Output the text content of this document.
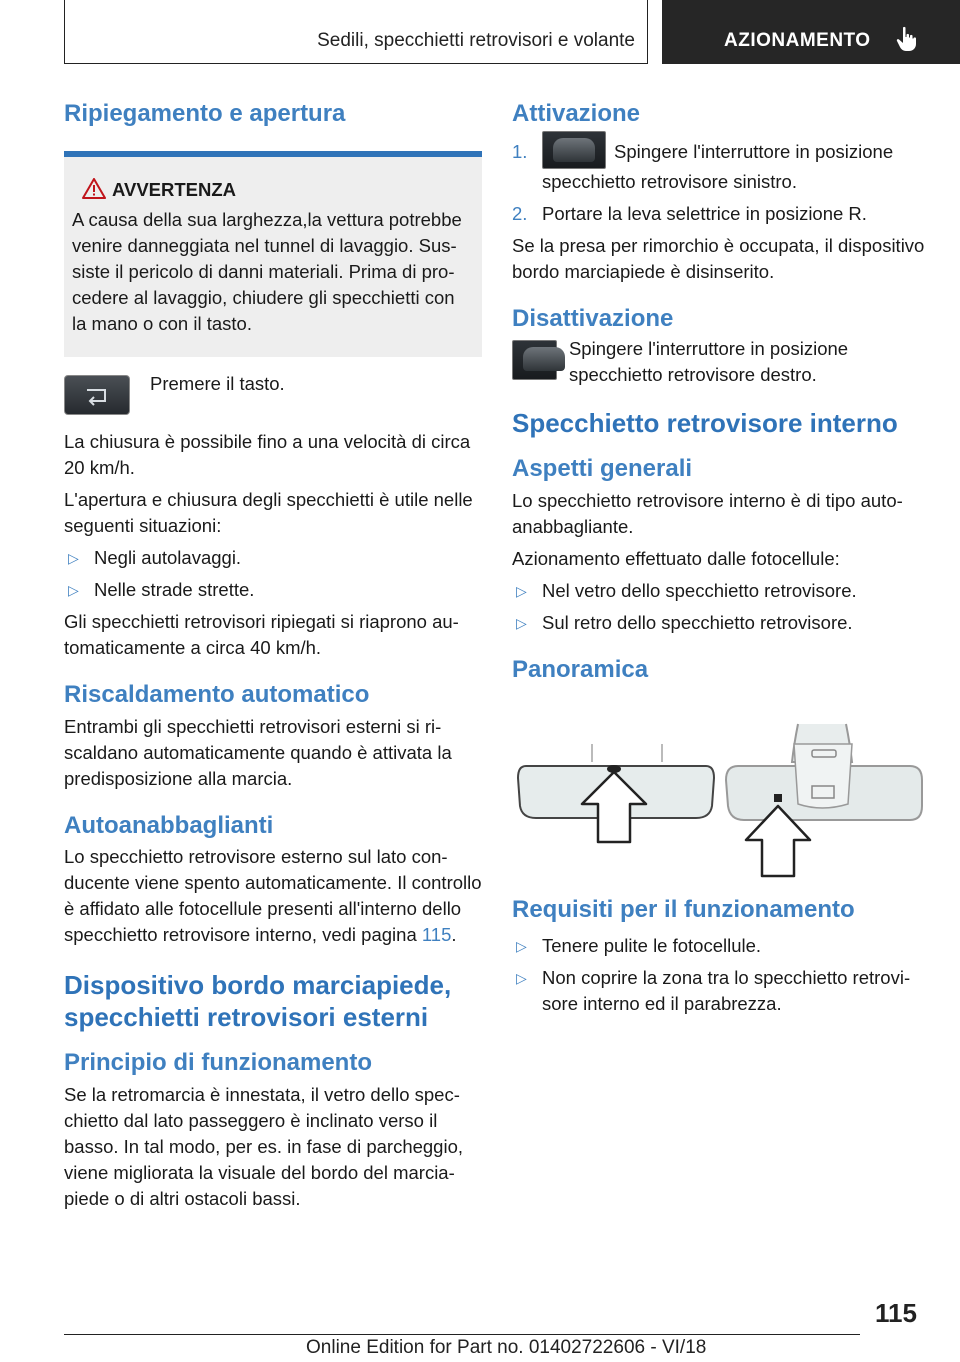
Sedili, specchietti retrovisori e volante	AZIONAMENTO
Ripiegamento e apertura
AVVERTENZA

A causa della sua larghezza,la vettura potrebbe venire danneggiata nel tunnel di lavaggio. Sussiste il pericolo di danni materiali. Prima di procedere al lavaggio, chiudere gli specchietti con la mano o con il tasto.

Premere il tasto.

La chiusura è possibile fino a una velocità di circa 20 km/h.

L'apertura e chiusura degli specchietti è utile nelle seguenti situazioni:

▷ Negli autolavaggi.
▷ Nelle strade strette.

Gli specchietti retrovisori ripiegati si riaprono automaticamente a circa 40 km/h.

Riscaldamento automatico

Entrambi gli specchietti retrovisori esterni si riscaldano automaticamente quando è attivata la predisposizione alla marcia.

Autoanabbaglianti

Lo specchietto retrovisore esterno sul lato conducente viene spento automaticamente. Il controllo è affidato alle fotocellule presenti all'interno dello specchietto retrovisore interno, vedi pagina 115.

Dispositivo bordo marciapiede, specchietti retrovisori esterni
Principio di funzionamento

Se la retromarcia è innestata, il vetro dello specchietto dal lato passeggero è inclinato verso il basso. In tal modo, per es. in fase di parcheggio, viene migliorata la visuale del bordo del marciapiede o di altri ostacoli bassi.

Attivazione
1.	Spingere l'interruttore in posizione specchietto retrovisore sinistro.
2. Portare la leva selettrice in posizione R.

Se la presa per rimorchio è occupata, il dispositivo bordo marciapiede è disinserito.

Disattivazione

Spingere l'interruttore in posizione specchietto retrovisore destro.

Specchietto retrovisore interno
Aspetti generali

Lo specchietto retrovisore interno è di tipo autoanabbagliante.

Azionamento effettuato dalle fotocellule:

▷ Nel vetro dello specchietto retrovisore.
▷ Sul retro dello specchietto retrovisore.
Panoramica
Requisiti per il funzionamento
▷ Tenere pulite le fotocellule.
▷ Non coprire la zona tra lo specchietto retrovisore interno ed il parabrezza.
115
Online Edition for Part no. 01402722606 - VI/18
